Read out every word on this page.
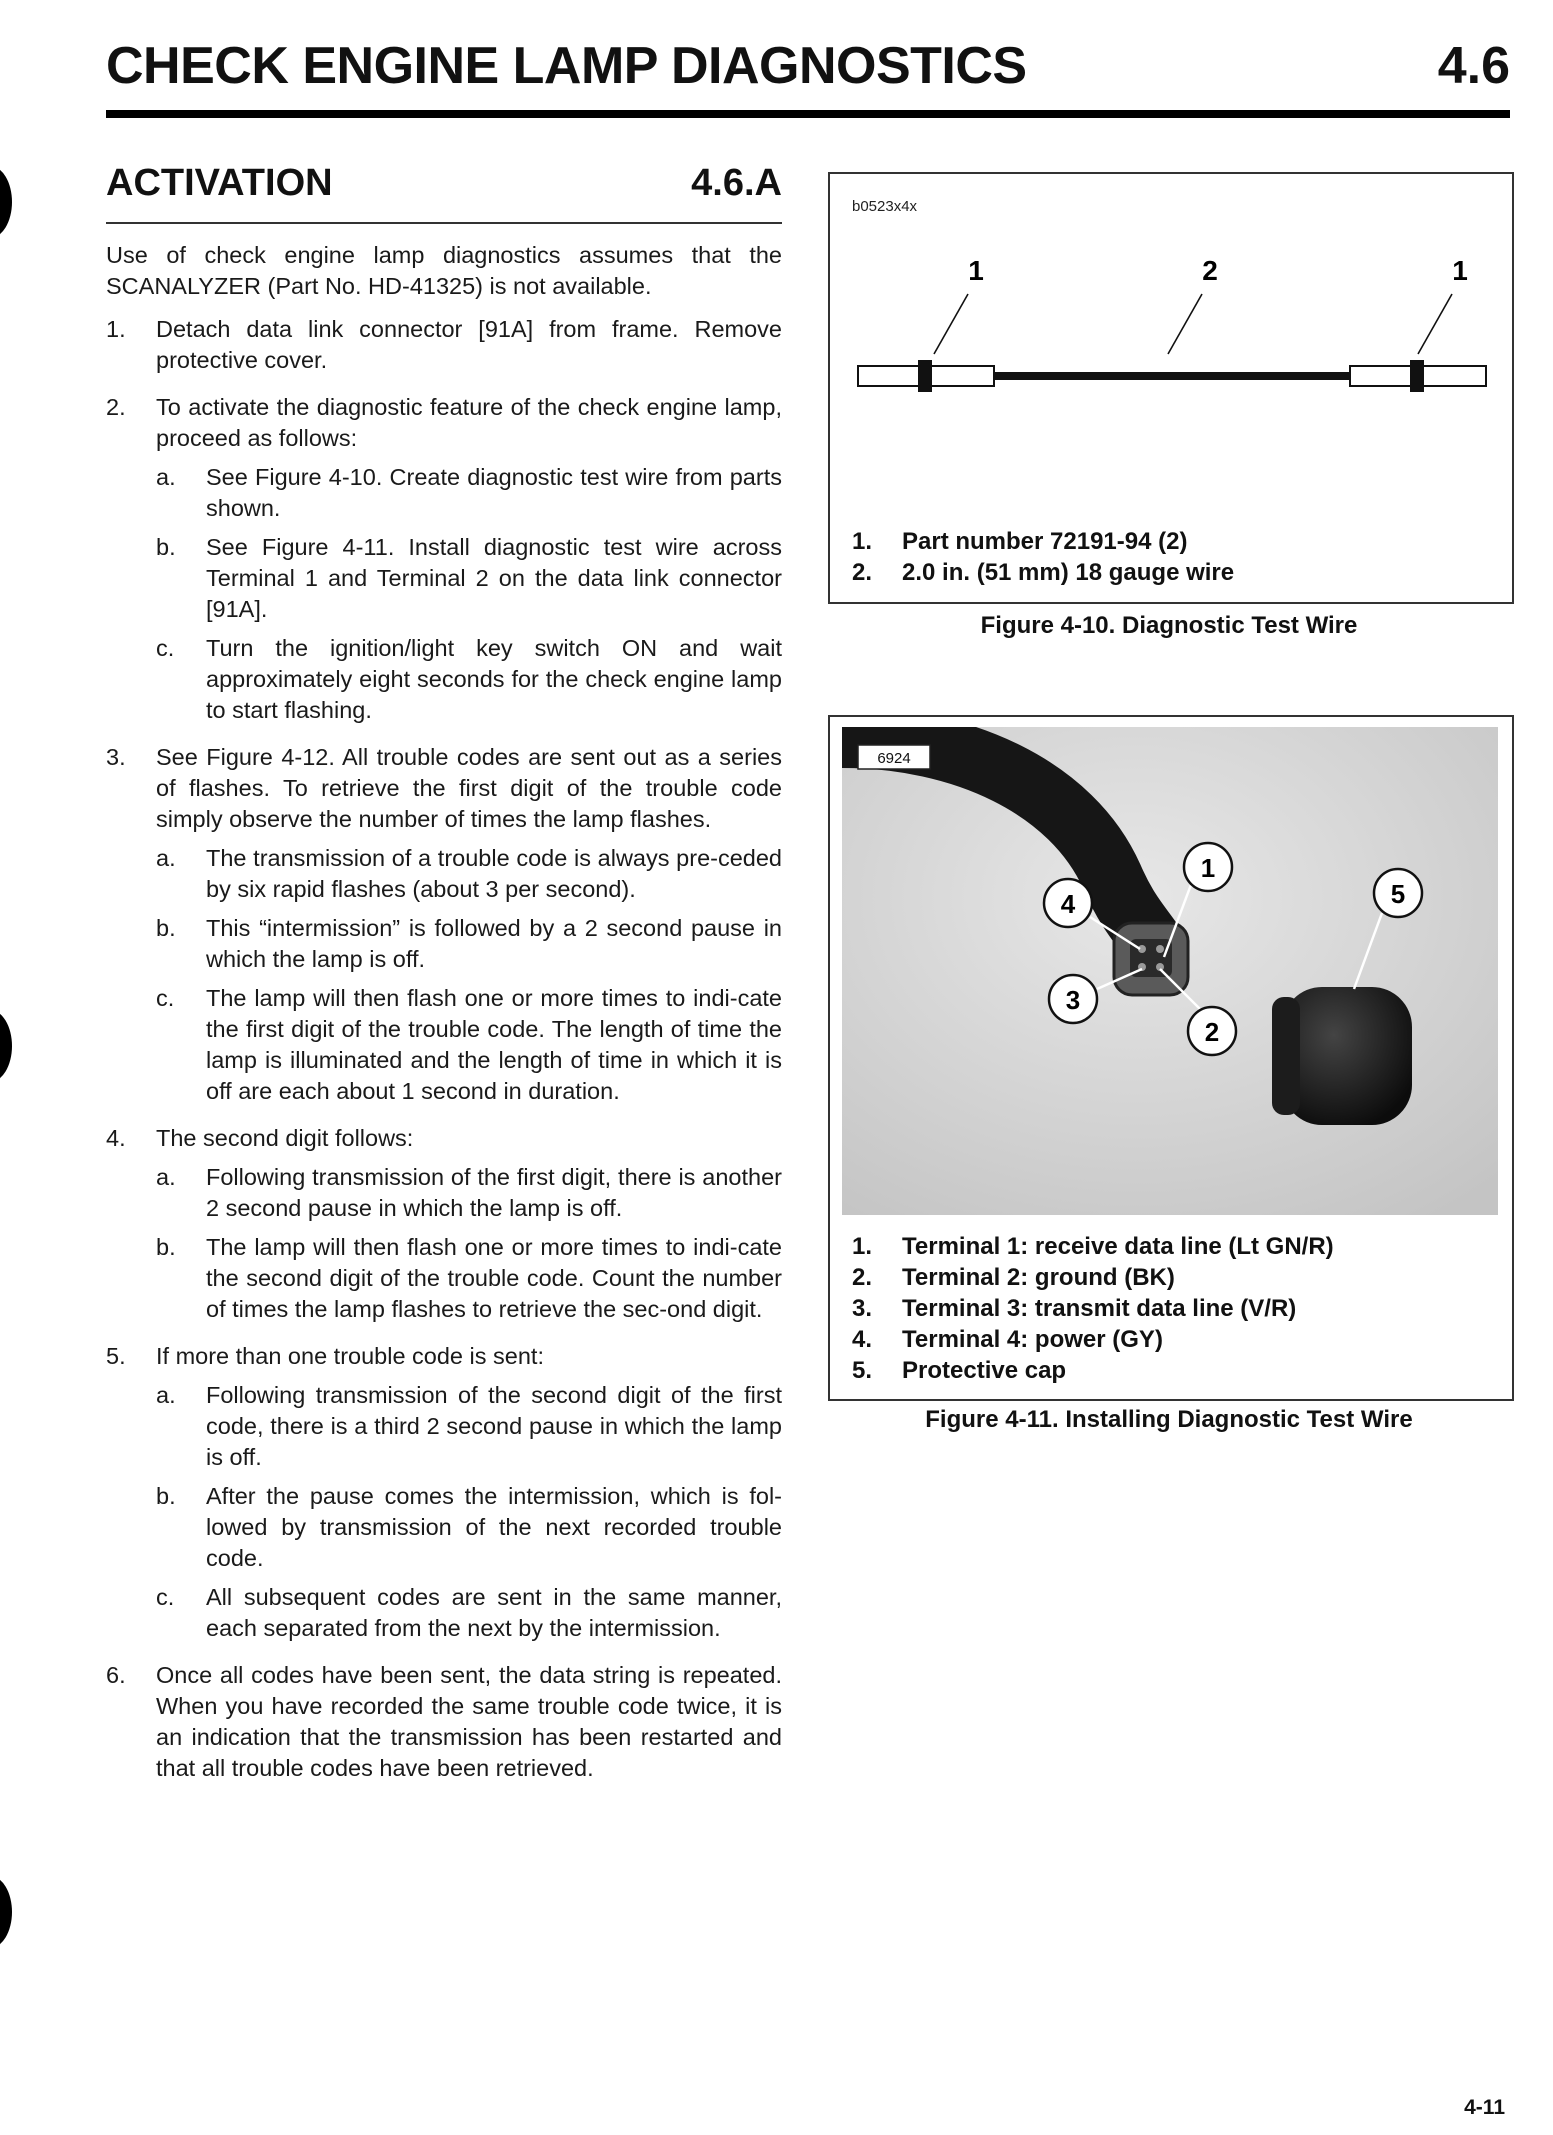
CHECK ENGINE LAMP DIAGNOSTICS	4.6
ACTIVATION	4.6.A

Use of check engine lamp diagnostics assumes that the SCANALYZER (Part No. HD-41325) is not available.

1.	Detach data link connector [91A] from frame. Remove protective cover.
2.	To activate the diagnostic feature of the check engine lamp, proceed as follows:
a.	See Figure 4-10. Create diagnostic test wire from parts shown.
b.	See Figure 4-11. Install diagnostic test wire across Terminal 1 and Terminal 2 on the data link connector [91A].
c.	Turn the ignition/light key switch ON and wait approximately eight seconds for the check engine lamp to start flashing.
3.	See Figure 4-12. All trouble codes are sent out as a series of flashes. To retrieve the first digit of the trouble code simply observe the number of times the lamp flashes.
a.	The transmission of a trouble code is always pre-ceded by six rapid flashes (about 3 per second).
b.	This “intermission” is followed by a 2 second pause in which the lamp is off.
c.	The lamp will then flash one or more times to indi-cate the first digit of the trouble code. The length of time the lamp is illuminated and the length of time in which it is off are each about 1 second in duration.
4.	The second digit follows:
a.	Following transmission of the first digit, there is another 2 second pause in which the lamp is off.
b.	The lamp will then flash one or more times to indi-cate the second digit of the trouble code. Count the number of times the lamp flashes to retrieve the sec-ond digit.
5.	If more than one trouble code is sent:
a.	Following transmission of the second digit of the first code, there is a third 2 second pause in which the lamp is off.
b.	After the pause comes the intermission, which is fol-lowed by transmission of the next recorded trouble code.
c.	All subsequent codes are sent in the same manner, each separated from the next by the intermission.
6.	Once all codes have been sent, the data string is repeated. When you have recorded the same trouble code twice, it is an indication that the transmission has been restarted and that all trouble codes have been retrieved.
b0523x4x
1	2	1
1.	Part number 72191-94 (2)
2.	2.0 in. (51 mm) 18 gauge wire
Figure 4-10. Diagnostic Test Wire
6924
1
2
3
4	5
1.	Terminal 1: receive data line (Lt GN/R)
2.	Terminal 2: ground (BK)
3.	Terminal 3: transmit data line (V/R)
4.	Terminal 4: power (GY)
5.	Protective cap
Figure 4-11. Installing Diagnostic Test Wire
4-11
